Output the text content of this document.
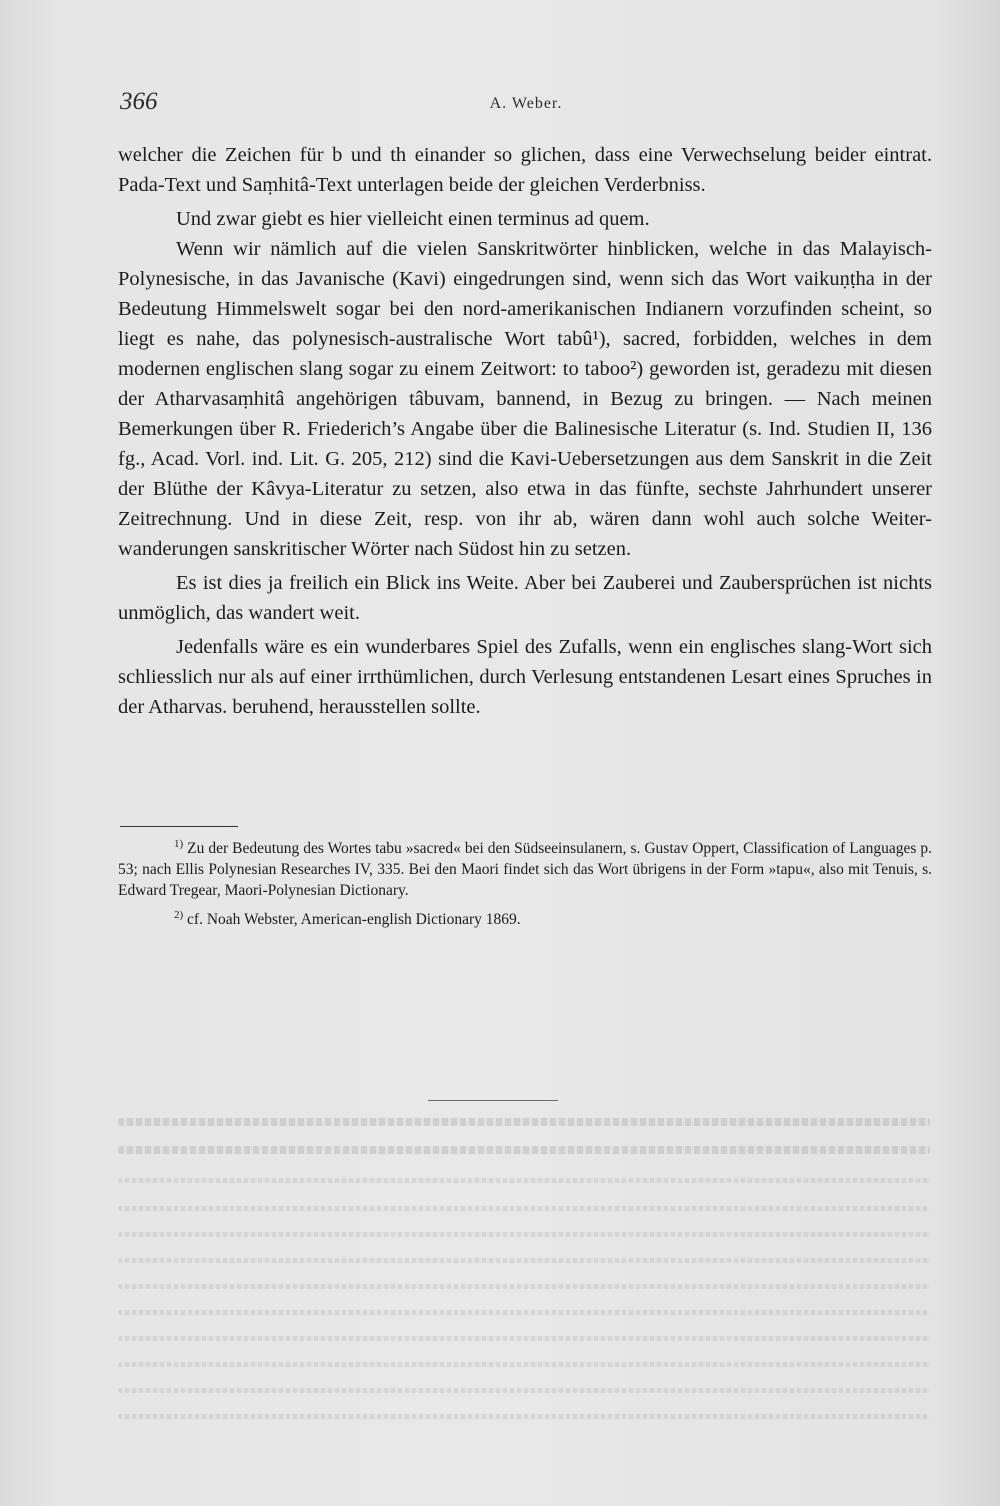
366	A. Weber.

welcher die Zeichen für b und th einander so glichen, dass eine Verwechselung beider eintrat. Pada-Text und Saṃhitâ-Text unterlagen beide der gleichen Verderbniss.

Und zwar giebt es hier vielleicht einen terminus ad quem.

Wenn wir nämlich auf die vielen Sanskritwörter hinblicken, welche in das Malayisch-Polynesische, in das Javanische (Kavi) eingedrungen sind, wenn sich das Wort vaikuṇṭha in der Bedeutung Himmelswelt sogar bei den nord-amerikanischen Indianern vorzufinden scheint, so liegt es nahe, das polynesisch-australische Wort tabû¹), sacred, forbidden, welches in dem modernen englischen slang sogar zu einem Zeitwort: to taboo²) geworden ist, geradezu mit diesen der Atharvasaṃhitâ angehörigen tâbuvam, bannend, in Bezug zu bringen. — Nach meinen Bemerkungen über R. Friederich’s Angabe über die Balinesische Literatur (s. Ind. Studien II, 136 fg., Acad. Vorl. ind. Lit. G. 205, 212) sind die Kavi-Uebersetzungen aus dem Sanskrit in die Zeit der Blüthe der Kâvya-Literatur zu setzen, also etwa in das fünfte, sechste Jahrhundert unserer Zeitrechnung. Und in diese Zeit, resp. von ihr ab, wären dann wohl auch solche Weiter-wanderungen sanskritischer Wörter nach Südost hin zu setzen.

Es ist dies ja freilich ein Blick ins Weite. Aber bei Zauberei und Zaubersprüchen ist nichts unmöglich, das wandert weit.

Jedenfalls wäre es ein wunderbares Spiel des Zufalls, wenn ein englisches slang-Wort sich schliesslich nur als auf einer irrthümlichen, durch Verlesung entstandenen Lesart eines Spruches in der Atharvas. beruhend, herausstellen sollte.

$^{1)}$ Zu der Bedeutung des Wortes tabu »sacred« bei den Südseeinsulanern, s. Gustav Oppert, Classification of Languages p. 53; nach Ellis Polynesian Researches IV, 335. Bei den Maori findet sich das Wort übrigens in der Form »tapu«, also mit Tenuis, s. Edward Tregear, Maori-Polynesian Dictionary.

$^{2)}$ cf. Noah Webster, American-english Dictionary 1869.
